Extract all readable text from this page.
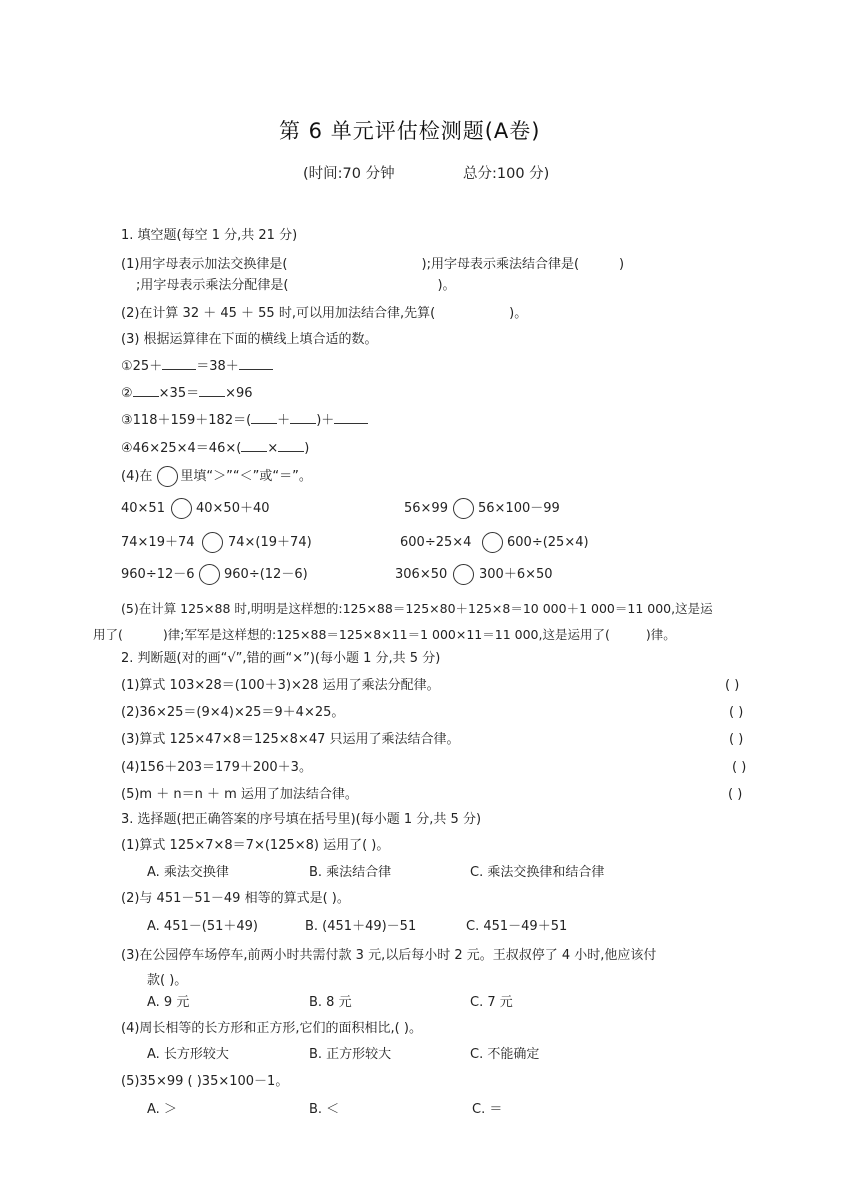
第 6 单元评估检测题(A卷)
(时间:70 分钟	总分:100 分)
1. 填空题(每空 1 分,共 21 分)
(1)用字母表示加法交换律是(	);用字母表示乘法结合律是(	)
;用字母表示乘法分配律是(	)。
(2)在计算 32 ＋ 45 ＋ 55 时,可以用加法结合律,先算(	)。
(3) 根据运算律在下面的横线上填合适的数。
①25＋	＝38＋
② ×35＝ ×96
③118＋159＋182＝( ＋ )＋
④46×25×4＝46×( × )
(4)在 里填“＞”“＜”或“＝”。
40×51 40×50＋40	56×99 56×100－99
74×19＋74	74×(19＋74)	600÷25×4	600÷(25×4)
960÷12－6 960÷(12－6)	306×50 300＋6×50
(5)在计算 125×88 时,明明是这样想的:125×88＝125×80＋125×8＝10 000＋1 000＝11 000,这是运
用了(	)律;军军是这样想的:125×88＝125×8×11＝1 000×11＝11 000,这是运用了(	)律。
2. 判断题(对的画“√”,错的画“×”)(每小题 1 分,共 5 分)
(1)算式 103×28＝(100＋3)×28 运用了乘法分配律。	( )
(2)36×25＝(9×4)×25＝9＋4×25。	( )
(3)算式 125×47×8＝125×8×47 只运用了乘法结合律。	( )
(4)156＋203＝179＋200＋3。	( )
(5)m ＋ n＝n ＋ m 运用了加法结合律。	( )
3. 选择题(把正确答案的序号填在括号里)(每小题 1 分,共 5 分)
(1)算式 125×7×8＝7×(125×8) 运用了( )。
A. 乘法交换律	B. 乘法结合律	C. 乘法交换律和结合律
(2)与 451－51－49 相等的算式是( )。
A. 451－(51＋49)	B. (451＋49)－51	C. 451－49＋51
(3)在公园停车场停车,前两小时共需付款 3 元,以后每小时 2 元。王叔叔停了 4 小时,他应该付
款( )。
A. 9 元	B. 8 元	C. 7 元
(4)周长相等的长方形和正方形,它们的面积相比,( )。
A. 长方形较大	B. 正方形较大	C. 不能确定
(5)35×99 ( )35×100－1。
A. ＞	B. ＜	C. ＝
